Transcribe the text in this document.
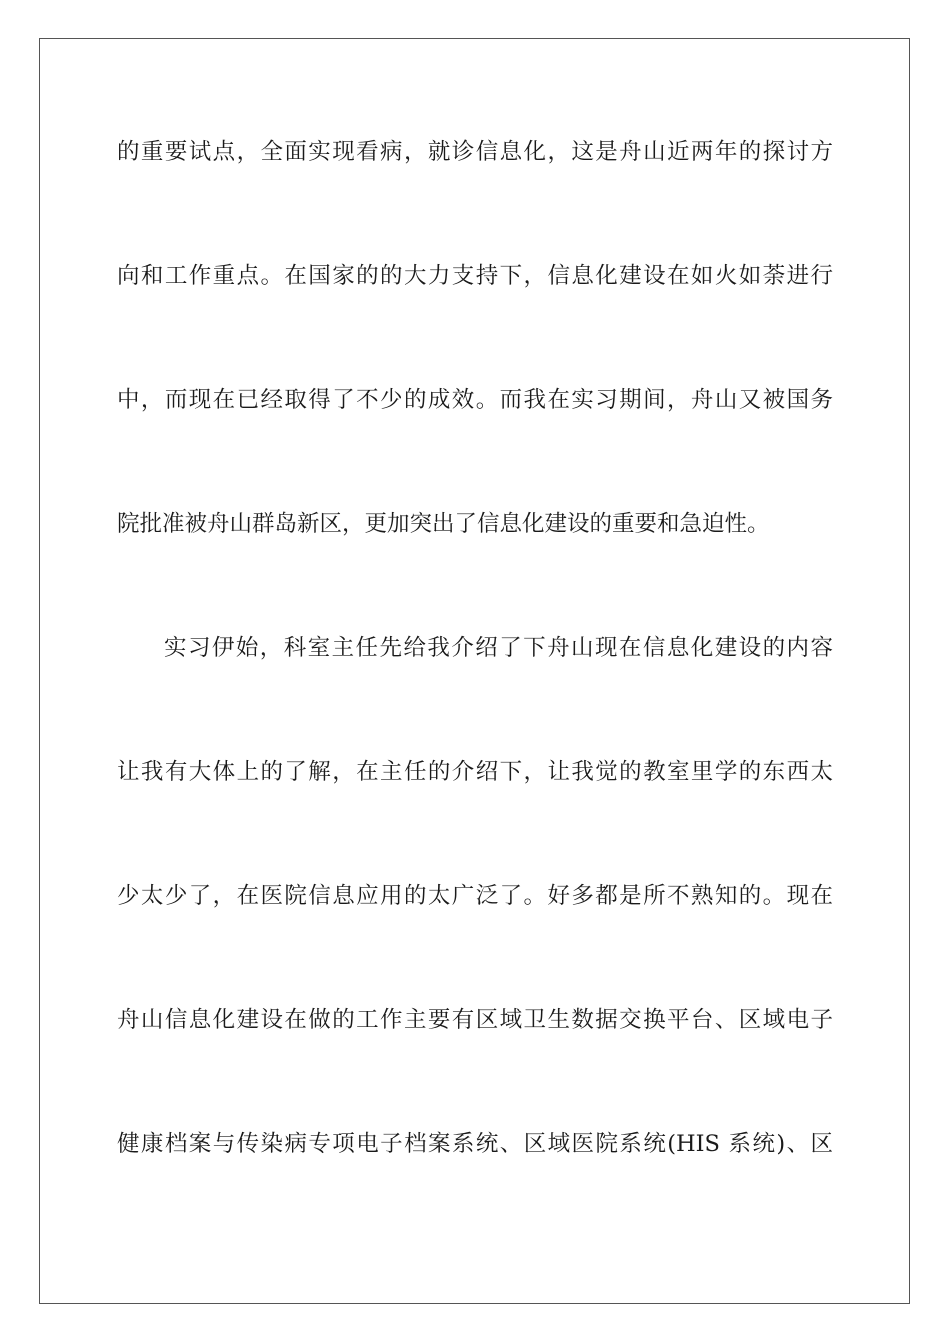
的重要试点，全面实现看病，就诊信息化，这是舟山近两年的探讨方
向和工作重点。在国家的的大力支持下，信息化建设在如火如荼进行
中，而现在已经取得了不少的成效。而我在实习期间，舟山又被国务
院批准被舟山群岛新区，更加突出了信息化建设的重要和急迫性。
实习伊始，科室主任先给我介绍了下舟山现在信息化建设的内容
让我有大体上的了解，在主任的介绍下，让我觉的教室里学的东西太
少太少了，在医院信息应用的太广泛了。好多都是所不熟知的。现在
舟山信息化建设在做的工作主要有区域卫生数据交换平台、区域电子
健康档案与传染病专项电子档案系统、区域医院系统(HIS 系统)、区
